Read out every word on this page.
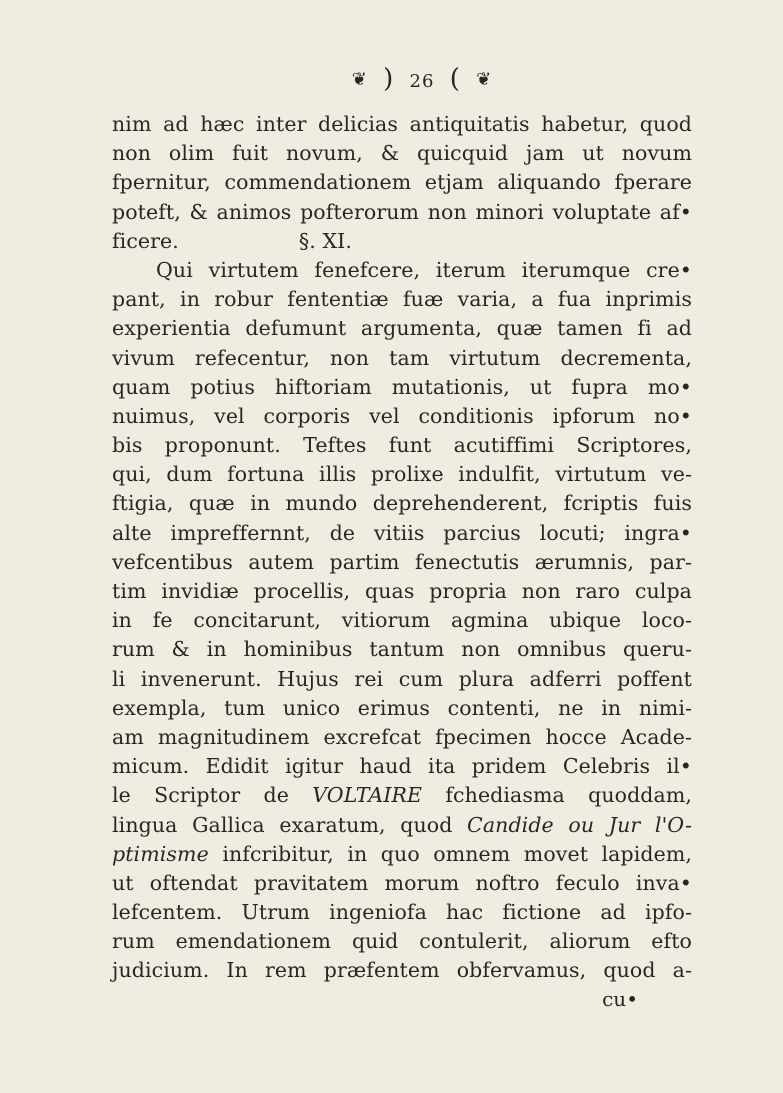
❦ ) 26 ( ❦
nim ad hæc inter delicias antiquitatis habetur, quod
non olim fuit novum, & quicquid jam ut novum
fpernitur, commendationem etjam aliquando fperare
poteft, & animos pofterorum non minori voluptate af•
ficere.	§. XI.
Qui virtutem fenefcere, iterum iterumque cre•
pant, in robur fententiæ fuæ varia, a fua inprimis
experientia defumunt argumenta, quæ tamen fi ad
vivum refecentur, non tam virtutum decrementa,
quam potius hiftoriam mutationis, ut fupra mo•
nuimus, vel corporis vel conditionis ipforum no•
bis proponunt. Teftes funt acutiffimi Scriptores,
qui, dum fortuna illis prolixe indulfit, virtutum ve-
ftigia, quæ in mundo deprehenderent, fcriptis fuis
alte impreffernnt, de vitiis parcius locuti; ingra•
vefcentibus autem partim fenectutis ærumnis, par-
tim invidiæ procellis, quas propria non raro culpa
in fe concitarunt, vitiorum agmina ubique loco-
rum & in hominibus tantum non omnibus queru-
li invenerunt. Hujus rei cum plura adferri poffent
exempla, tum unico erimus contenti, ne in nimi-
am magnitudinem excrefcat fpecimen hocce Acade-
micum. Edidit igitur haud ita pridem Celebris il•
le Scriptor de VOLTAIRE fchediasma quoddam,
lingua Gallica exaratum, quod Candide ou Jur l'O-
ptimisme infcribitur, in quo omnem movet lapidem,
ut oftendat pravitatem morum noftro feculo inva•
lefcentem. Utrum ingeniofa hac fictione ad ipfo-
rum emendationem quid contulerit, aliorum efto
judicium. In rem præfentem obfervamus, quod a-
cu•
